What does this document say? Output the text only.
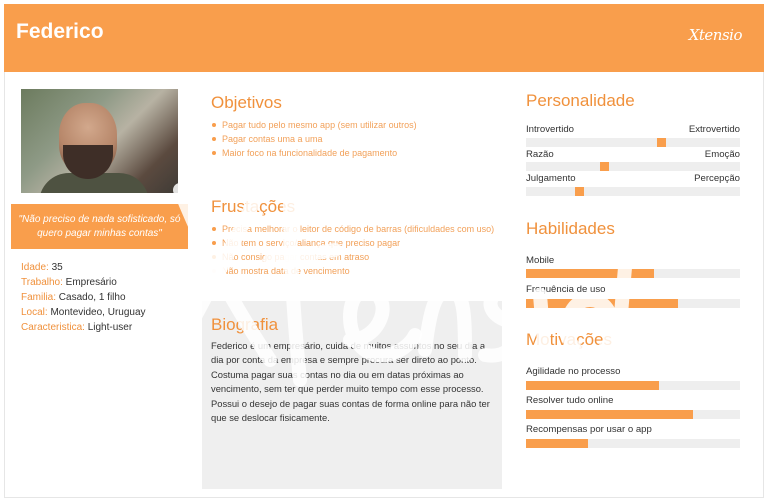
Federico	Xtensio
"Não preciso de nada sofisticado, só quero pagar minhas contas"
Idade: 35
Trabalho: Empresário
Familia: Casado, 1 filho
Local: Montevideo, Uruguay
Caracteristica: Light-user
Objetivos
Pagar tudo pelo mesmo app (sem utilizar outros)
Pagar contas uma a uma
Maior foco na funcionalidade de pagamento
Frustações
Precisa melhorar o leitor de código de barras (dificuldades com uso)
Não tem o serviço/aliança que preciso pagar
Não consigo pagar contas em atraso
Não mostra data de vencimento
Biografia

Federico é um empresário, cuida de muitos assuntos no seu dia a dia por conta da empresa e sempre procura ser direto ao ponto.

Costuma pagar suas contas no dia ou em datas próximas ao vencimento, sem ter que perder muito tempo com esse processo.

Possui o desejo de pagar suas contas de forma online para não ter que se deslocar fisicamente.

Personalidade
Introvertido	Extrovertido
Razão	Emoção
Julgamento	Percepção
Habilidades
Mobile
Frequência de uso
Motivações
Agilidade no processo
Resolver tudo online
Recompensas por usar o app
